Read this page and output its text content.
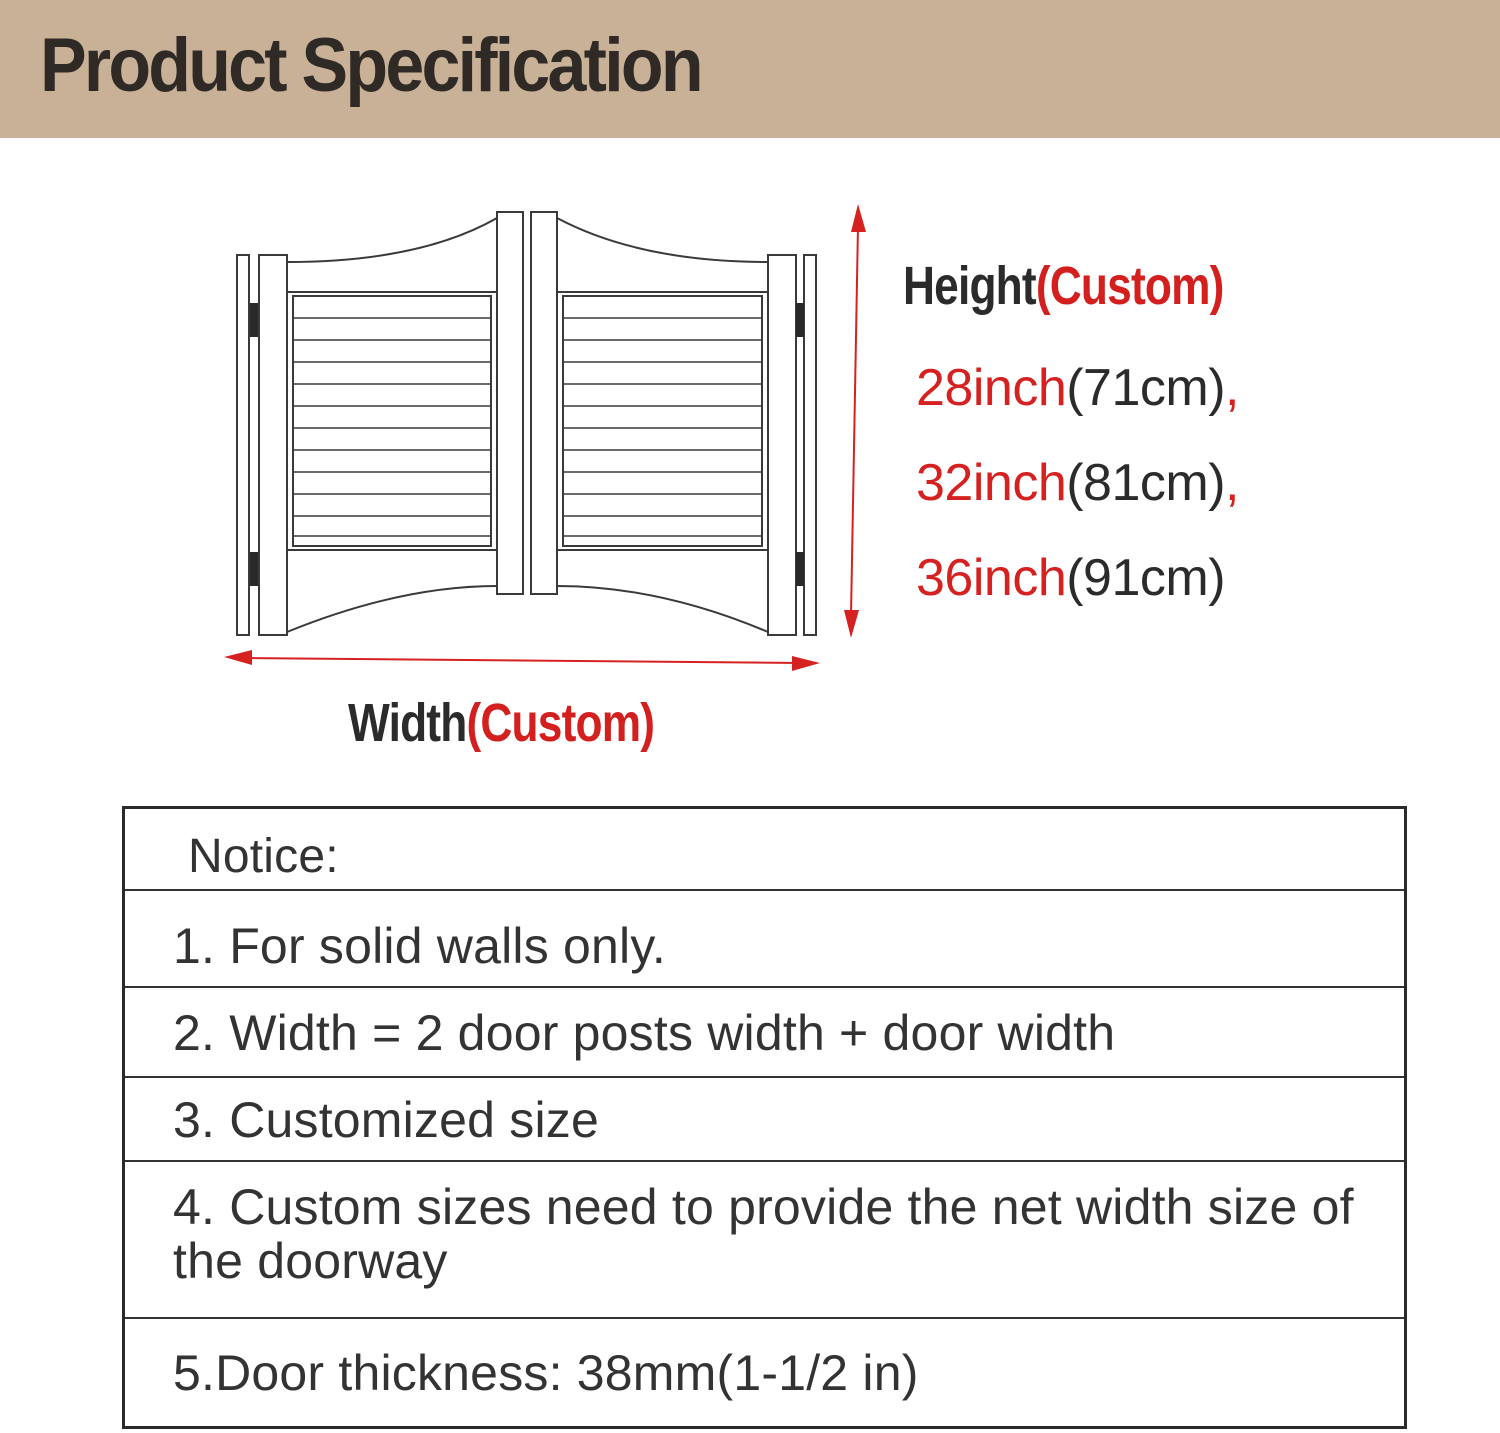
Product Specification
Height(Custom)
28inch(71cm),
32inch(81cm),
36inch(91cm)
Width(Custom)
Notice:
1. For solid walls only.
2. Width = 2 door posts width + door width
3. Customized size
4. Custom sizes need to provide the net width size of the doorway
5.Door thickness: 38mm(1-1/2 in)
